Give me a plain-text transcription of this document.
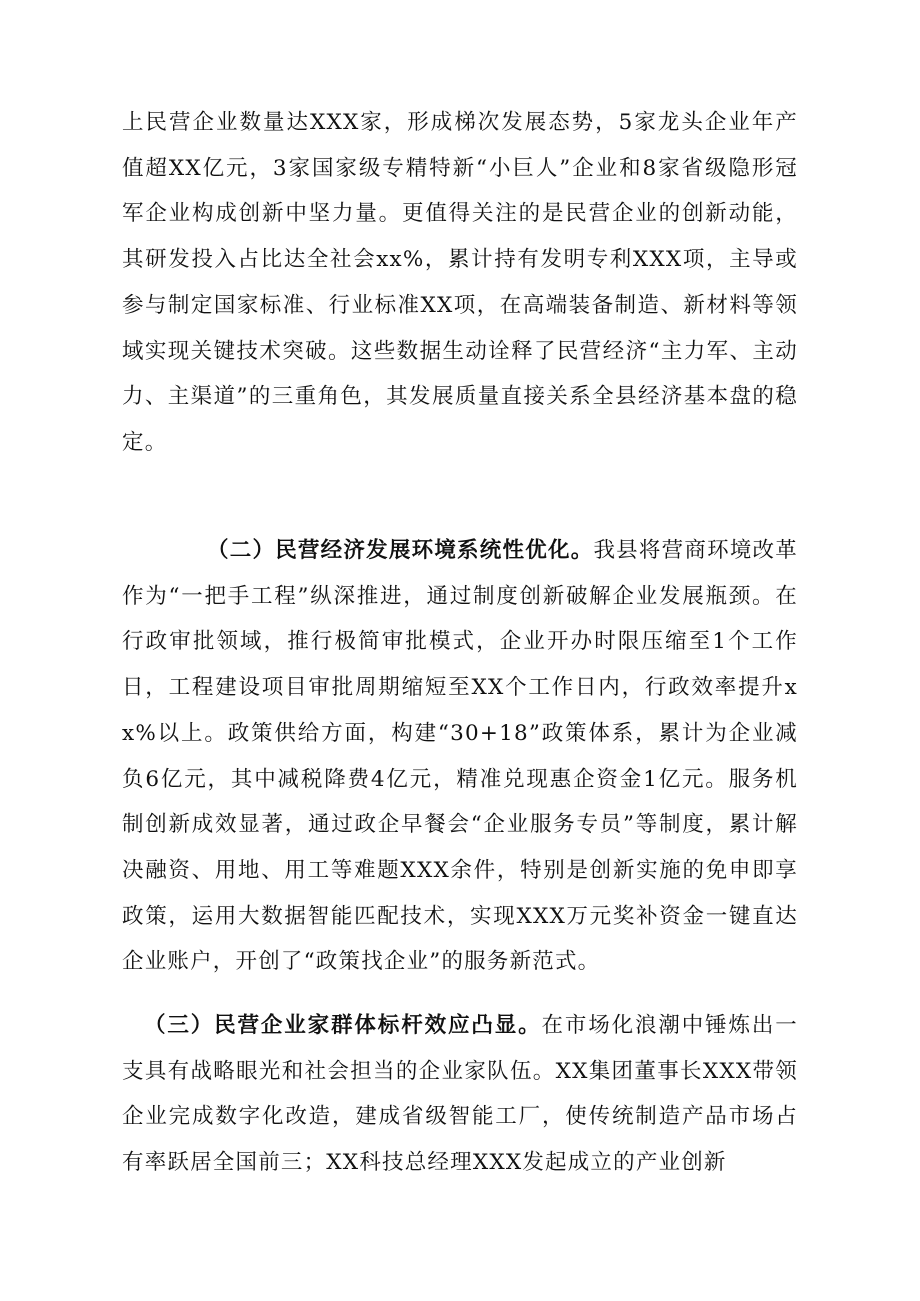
上民营企业数量达XXX家，形成梯次发展态势，5家龙头企业年产值超XX亿元，3家国家级专精特新“小巨人”企业和8家省级隐形冠军企业构成创新中坚力量。更值得关注的是民营企业的创新动能，其研发投入占比达全社会xx%，累计持有发明专利XXX项，主导或参与制定国家标准、行业标准XX项，在高端装备制造、新材料等领域实现关键技术突破。这些数据生动诠释了民营经济“主力军、主动力、主渠道”的三重角色，其发展质量直接关系全县经济基本盘的稳定。

（二）民营经济发展环境系统性优化。我县将营商环境改革作为“一把手工程”纵深推进，通过制度创新破解企业发展瓶颈。在行政审批领域，推行极简审批模式，企业开办时限压缩至1个工作日，工程建设项目审批周期缩短至XX个工作日内，行政效率提升xx%以上。政策供给方面，构建“30+18”政策体系，累计为企业减负6亿元，其中减税降费4亿元，精准兑现惠企资金1亿元。服务机制创新成效显著，通过政企早餐会“企业服务专员”等制度，累计解决融资、用地、用工等难题XXX余件，特别是创新实施的免申即享政策，运用大数据智能匹配技术，实现XXX万元奖补资金一键直达企业账户，开创了“政策找企业”的服务新范式。

（三）民营企业家群体标杆效应凸显。在市场化浪潮中锤炼出一支具有战略眼光和社会担当的企业家队伍。XX集团董事长XXX带领企业完成数字化改造，建成省级智能工厂，使传统制造产品市场占有率跃居全国前三；XX科技总经理XXX发起成立的产业创新
